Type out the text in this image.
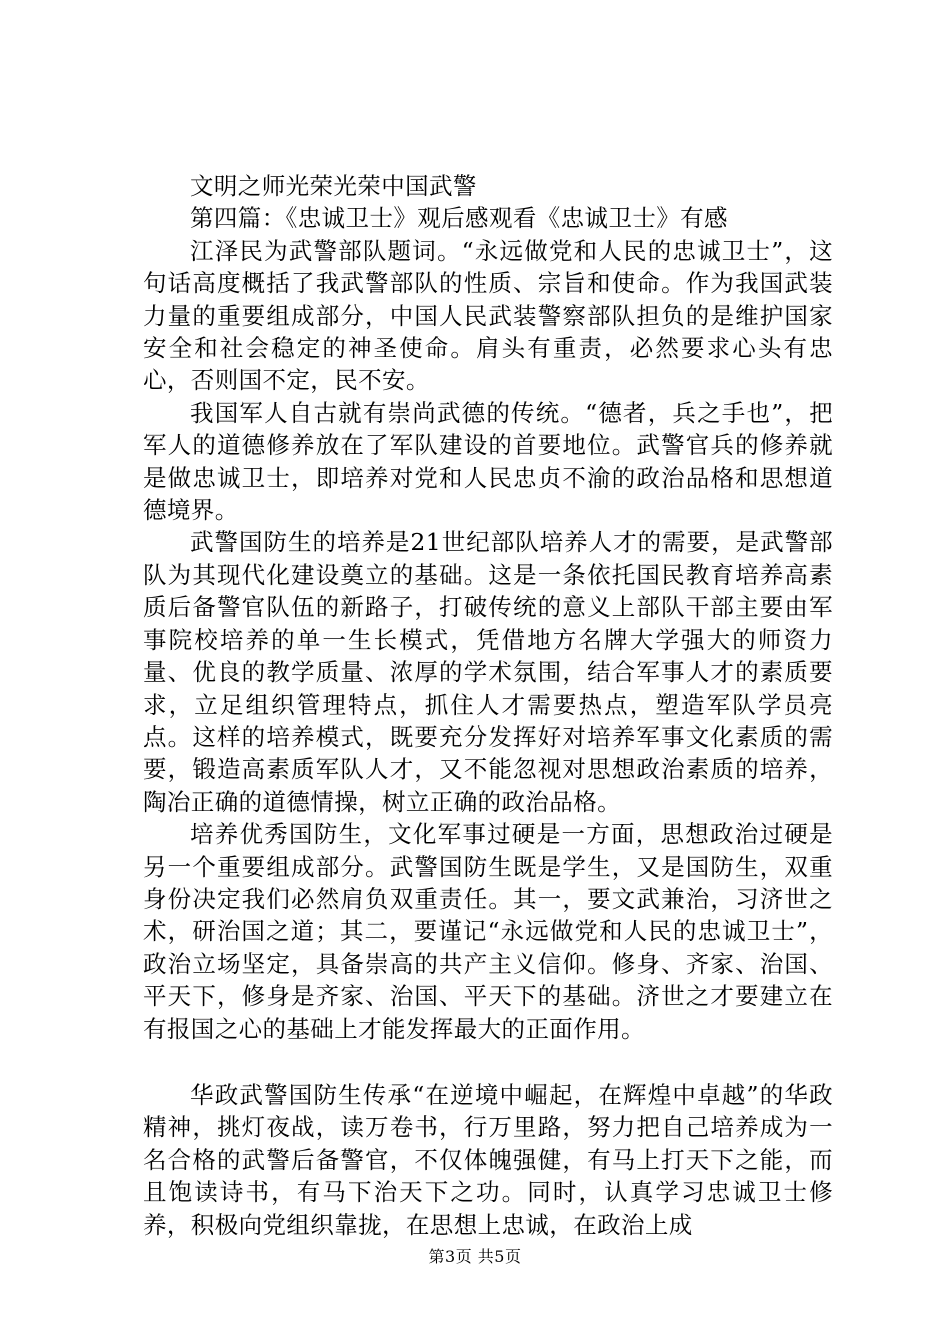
文明之师光荣光荣中国武警

第四篇：《忠诚卫士》观后感观看《忠诚卫士》有感

江泽民为武警部队题词。“永远做党和人民的忠诚卫士”，这句话高度概括了我武警部队的性质、宗旨和使命。作为我国武装力量的重要组成部分，中国人民武装警察部队担负的是维护国家安全和社会稳定的神圣使命。肩头有重责，必然要求心头有忠心，否则国不定，民不安。

我国军人自古就有崇尚武德的传统。“德者，兵之手也”，把军人的道德修养放在了军队建设的首要地位。武警官兵的修养就是做忠诚卫士，即培养对党和人民忠贞不渝的政治品格和思想道德境界。

武警国防生的培养是21世纪部队培养人才的需要，是武警部队为其现代化建设奠立的基础。这是一条依托国民教育培养高素质后备警官队伍的新路子，打破传统的意义上部队干部主要由军事院校培养的单一生长模式，凭借地方名牌大学强大的师资力量、优良的教学质量、浓厚的学术氛围，结合军事人才的素质要求，立足组织管理特点，抓住人才需要热点，塑造军队学员亮点。这样的培养模式，既要充分发挥好对培养军事文化素质的需要，锻造高素质军队人才，又不能忽视对思想政治素质的培养，陶冶正确的道德情操，树立正确的政治品格。

培养优秀国防生，文化军事过硬是一方面，思想政治过硬是另一个重要组成部分。武警国防生既是学生，又是国防生，双重身份决定我们必然肩负双重责任。其一，要文武兼治，习济世之术，研治国之道；其二，要谨记“永远做党和人民的忠诚卫士”，政治立场坚定，具备崇高的共产主义信仰。修身、齐家、治国、平天下，修身是齐家、治国、平天下的基础。济世之才要建立在有报国之心的基础上才能发挥最大的正面作用。

华政武警国防生传承“在逆境中崛起，在辉煌中卓越”的华政精神，挑灯夜战，读万卷书，行万里路，努力把自己培养成为一名合格的武警后备警官，不仅体魄强健，有马上打天下之能，而且饱读诗书，有马下治天下之功。同时，认真学习忠诚卫士修养，积极向党组织靠拢，在思想上忠诚，在政治上成

第3页 共5页
